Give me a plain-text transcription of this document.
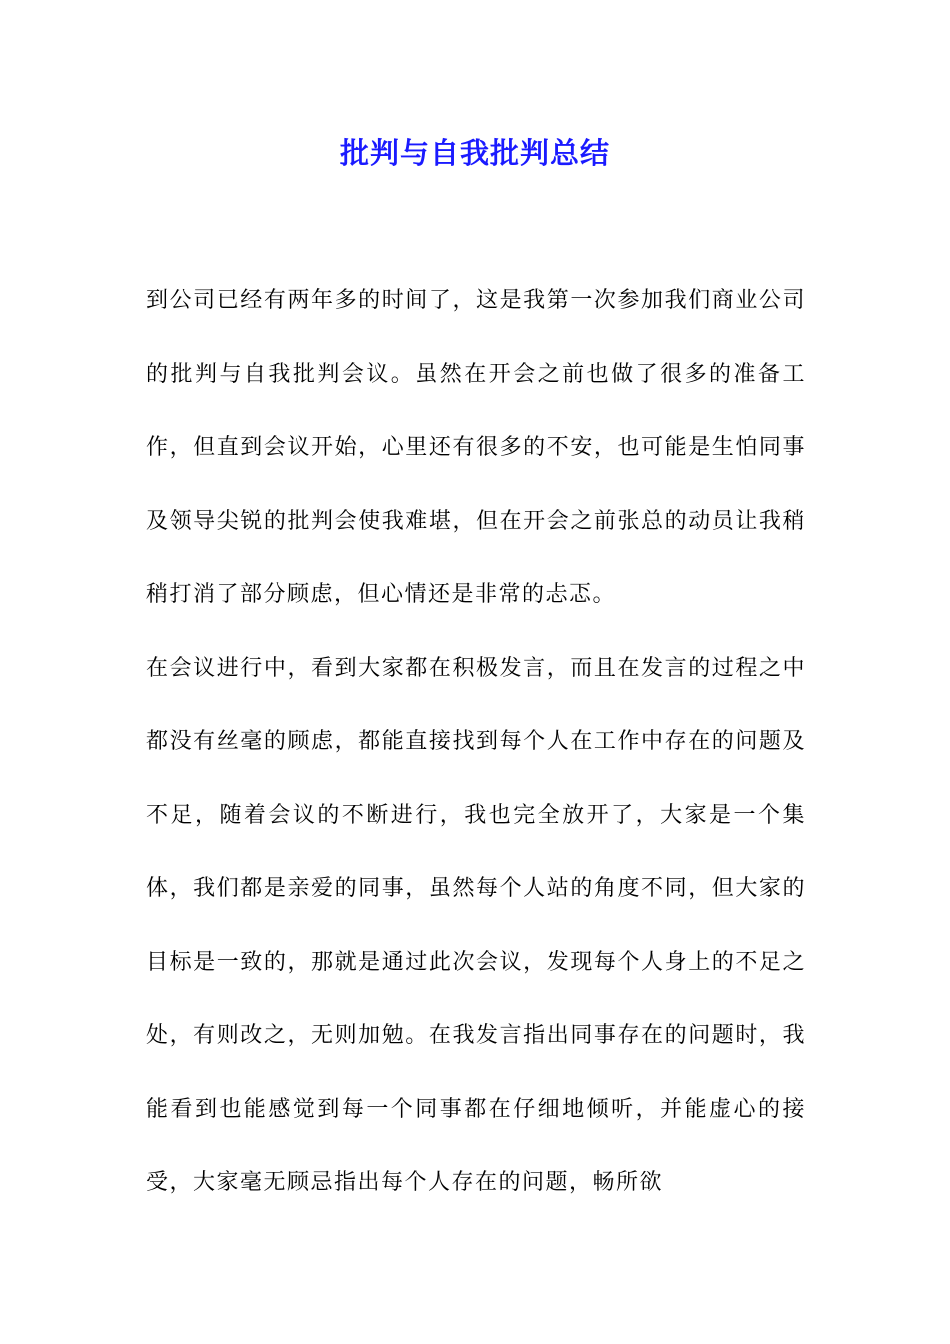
批判与自我批判总结

到公司已经有两年多的时间了，这是我第一次参加我们商业公司的批判与自我批判会议。虽然在开会之前也做了很多的准备工作，但直到会议开始，心里还有很多的不安，也可能是生怕同事及领导尖锐的批判会使我难堪，但在开会之前张总的动员让我稍稍打消了部分顾虑，但心情还是非常的忐忑。

在会议进行中，看到大家都在积极发言，而且在发言的过程之中都没有丝毫的顾虑，都能直接找到每个人在工作中存在的问题及不足，随着会议的不断进行，我也完全放开了，大家是一个集体，我们都是亲爱的同事，虽然每个人站的角度不同，但大家的目标是一致的，那就是通过此次会议，发现每个人身上的不足之处，有则改之，无则加勉。在我发言指出同事存在的问题时，我能看到也能感觉到每一个同事都在仔细地倾听，并能虚心的接受，大家毫无顾忌指出每个人存在的问题，畅所欲
